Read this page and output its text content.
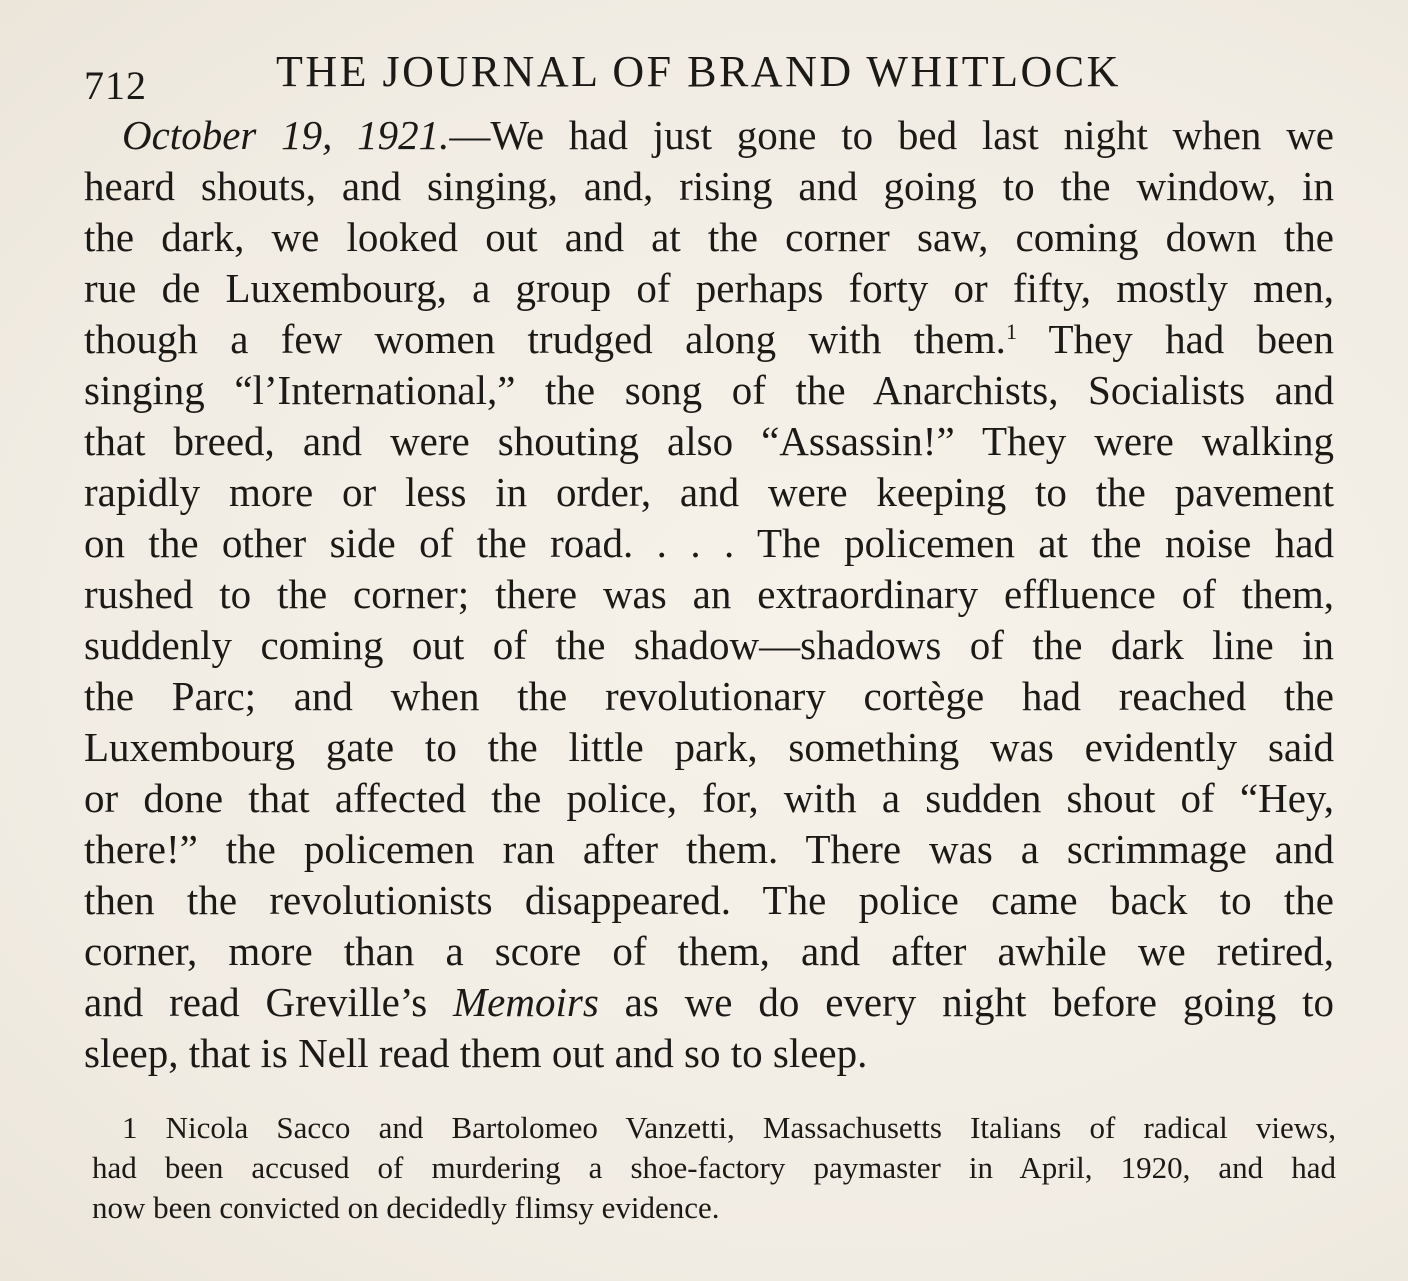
712	THE JOURNAL OF BRAND WHITLOCK
October 19, 1921.—We had just gone to bed last night when we
heard shouts, and singing, and, rising and going to the window, in
the dark, we looked out and at the corner saw, coming down the
rue de Luxembourg, a group of perhaps forty or fifty, mostly men,
though a few women trudged along with them.$^1$ They had been
singing “l’International,” the song of the Anarchists, Socialists and
that breed, and were shouting also “Assassin!” They were walking
rapidly more or less in order, and were keeping to the pavement
on the other side of the road. . . . The policemen at the noise had
rushed to the corner; there was an extraordinary effluence of them,
suddenly coming out of the shadow—shadows of the dark line in
the Parc; and when the revolutionary cortège had reached the
Luxembourg gate to the little park, something was evidently said
or done that affected the police, for, with a sudden shout of “Hey,
there!” the policemen ran after them. There was a scrimmage and
then the revolutionists disappeared. The police came back to the
corner, more than a score of them, and after awhile we retired,
and read Greville’s Memoirs as we do every night before going to
sleep, that is Nell read them out and so to sleep.
1 Nicola Sacco and Bartolomeo Vanzetti, Massachusetts Italians of radical views,
had been accused of murdering a shoe-factory paymaster in April, 1920, and had
now been convicted on decidedly flimsy evidence.
